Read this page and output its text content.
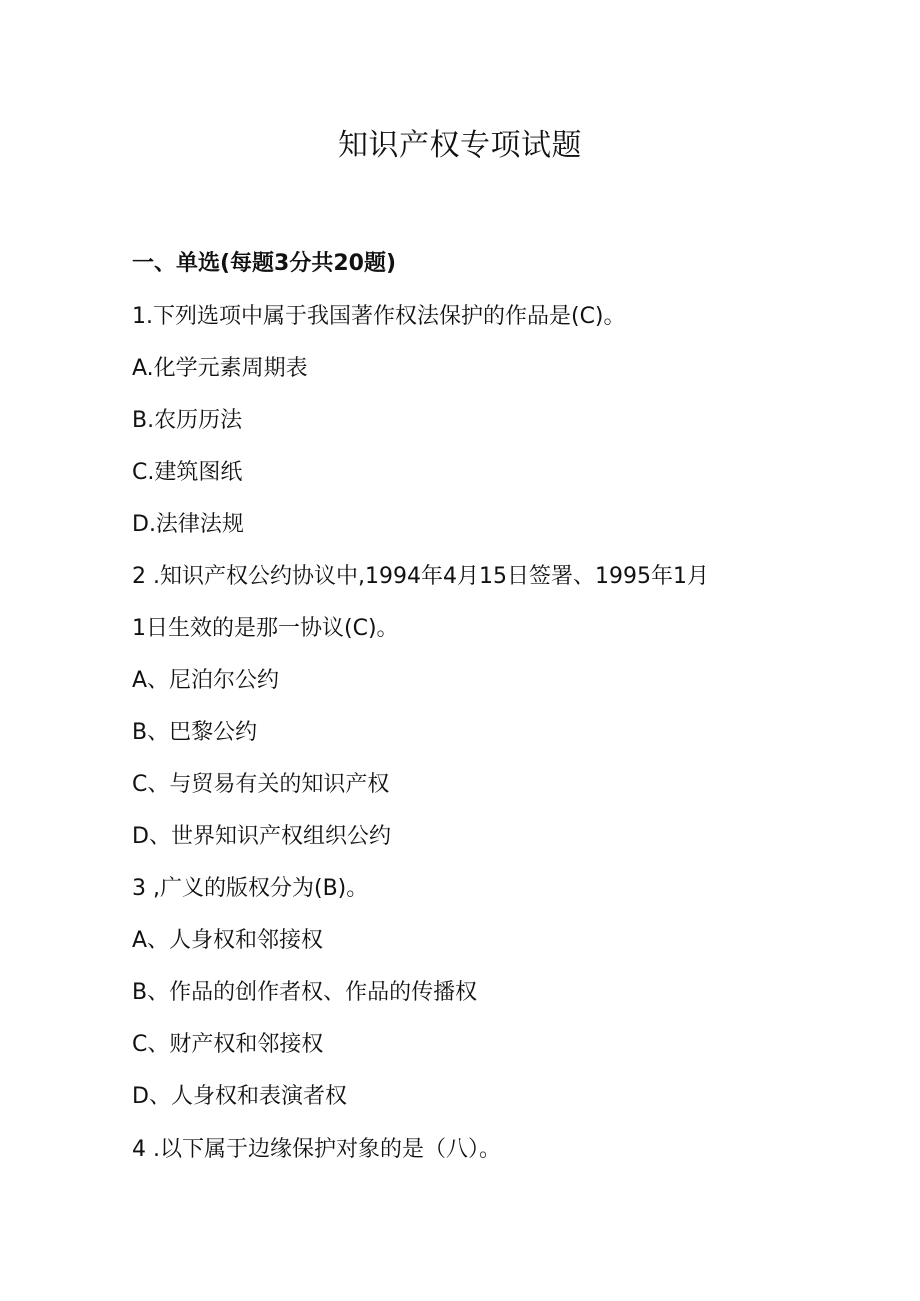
知识产权专项试题
一、单选(每题3分共20题)

1.下列选项中属于我国著作权法保护的作品是(C)。

A.化学元素周期表

B.农历历法

C.建筑图纸

D.法律法规

2 .知识产权公约协议中,1994年4月15日签署、1995年1月

1日生效的是那一协议(C)。

A、尼泊尔公约

B、巴黎公约

C、与贸易有关的知识产权

D、世界知识产权组织公约

3 ,广义的版权分为(B)。

A、人身权和邻接权

B、作品的创作者权、作品的传播权

C、财产权和邻接权

D、人身权和表演者权

4 .以下属于边缘保护对象的是（八）。
